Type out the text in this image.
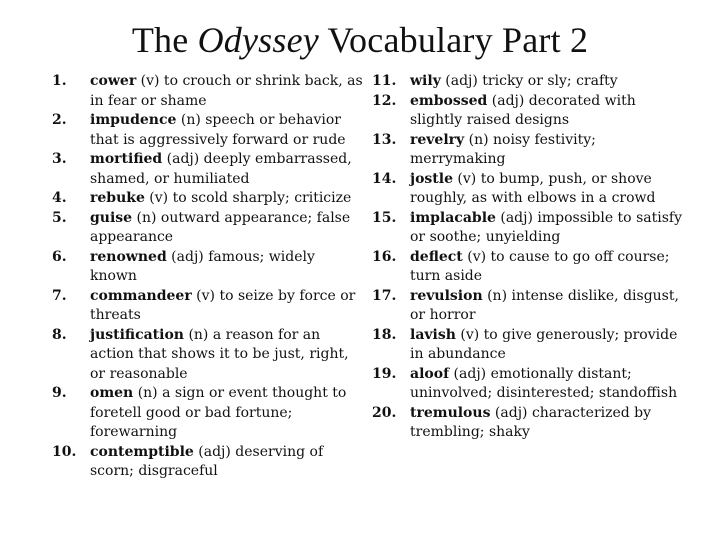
The Odyssey Vocabulary Part 2
1.	cower (v) to crouch or shrink back, as in fear or shame
2.	impudence (n) speech or behavior that is aggressively forward or rude
3.	mortified (adj) deeply embarrassed, shamed, or humiliated
4.	rebuke (v) to scold sharply; criticize
5.	guise (n) outward appearance; false appearance
6.	renowned (adj) famous; widely known
7.	commandeer (v) to seize by force or threats
8.	justification (n) a reason for an action that shows it to be just, right, or reasonable
9.	omen (n) a sign or event thought to foretell good or bad fortune; forewarning
10. contemptible (adj) deserving of scorn; disgraceful
11. wily (adj) tricky or sly; crafty
12. embossed (adj) decorated with slightly raised designs
13. revelry (n) noisy festivity; merrymaking
14. jostle (v) to bump, push, or shove roughly, as with elbows in a crowd
15. implacable (adj) impossible to satisfy or soothe; unyielding
16. deflect (v) to cause to go off course; turn aside
17. revulsion (n) intense dislike, disgust, or horror
18. lavish (v) to give generously; provide in abundance
19. aloof (adj) emotionally distant; uninvolved; disinterested; standoffish
20. tremulous (adj) characterized by trembling; shaky
